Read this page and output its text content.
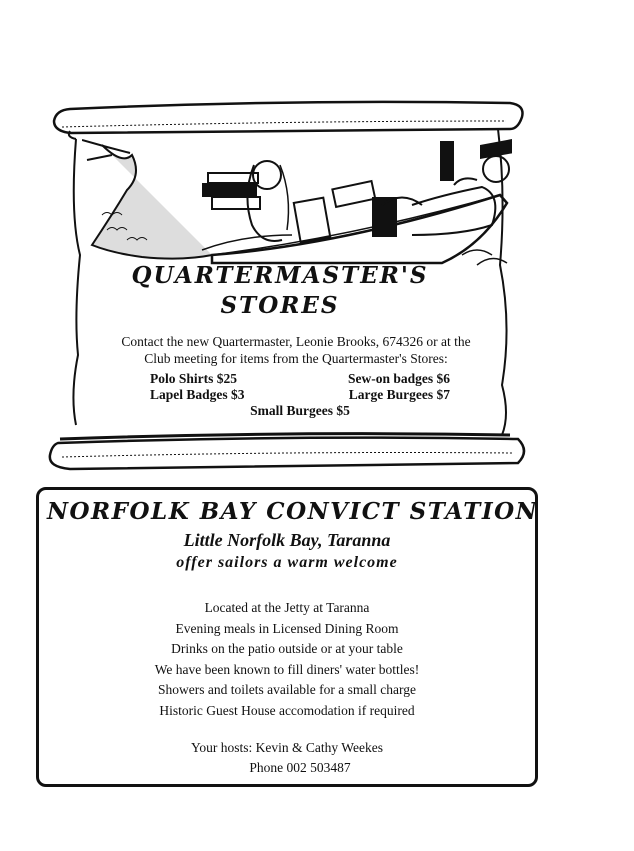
QUARTERMASTER'S
STORES
Contact the new Quartermaster, Leonie Brooks, 674326 or at the
Club meeting for items from the Quartermaster's Stores:
Polo Shirts $25	Sew-on badges $6
Lapel Badges $3	Large Burgees $7
Small Burgees $5
NORFOLK BAY CONVICT STATION
Little Norfolk Bay, Taranna
offer sailors a warm welcome
Located at the Jetty at Taranna
Evening meals in Licensed Dining Room
Drinks on the patio outside or at your table
We have been known to fill diners' water bottles!
Showers and toilets available for a small charge
Historic Guest House accomodation if required
Your hosts: Kevin & Cathy Weekes
Phone 002 503487
